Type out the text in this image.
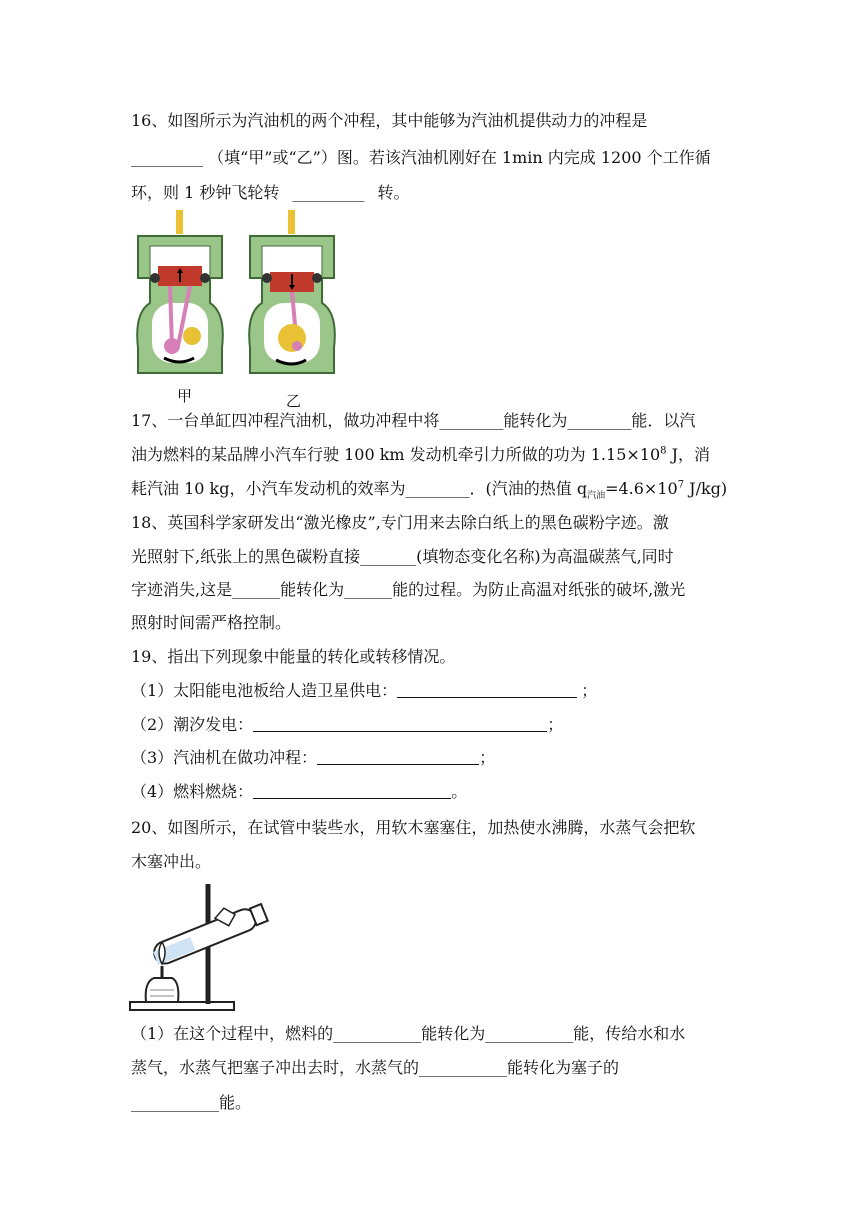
16、如图所示为汽油机的两个冲程，其中能够为汽油机提供动力的冲程是
_________ （填“甲”或“乙”）图。若该汽油机刚好在 1min 内完成 1200 个工作循
环，则 1 秒钟飞轮转 _________ 转。
甲	乙
17、一台单缸四冲程汽油机，做功冲程中将________能转化为________能．以汽
油为燃料的某品牌小汽车行驶 100 km 发动机牵引力所做的功为 $1.15\times 10^8$ J，消
耗汽油 10 kg，小汽车发动机的效率为________．(汽油的热值 $q_{汽油}=4.6\times 10^7$ J/kg)
18、英国科学家研发出“激光橡皮”,专门用来去除白纸上的黑色碳粉字迹。激
光照射下,纸张上的黑色碳粉直接_______(填物态变化名称)为高温碳蒸气,同时
字迹消失,这是______能转化为______能的过程。为防止高温对纸张的破坏,激光
照射时间需严格控制。
19、指出下列现象中能量的转化或转移情况。
（1）太阳能电池板给人造卫星供电：	；
（2）潮汐发电：	；
（3）汽油机在做功冲程：	；
（4）燃料燃烧：	。
20、如图所示，在试管中装些水，用软木塞塞住，加热使水沸腾，水蒸气会把软
木塞冲出。
（1）在这个过程中，燃料的___________能转化为___________能，传给水和水
蒸气，水蒸气把塞子冲出去时，水蒸气的___________能转化为塞子的
___________能。
